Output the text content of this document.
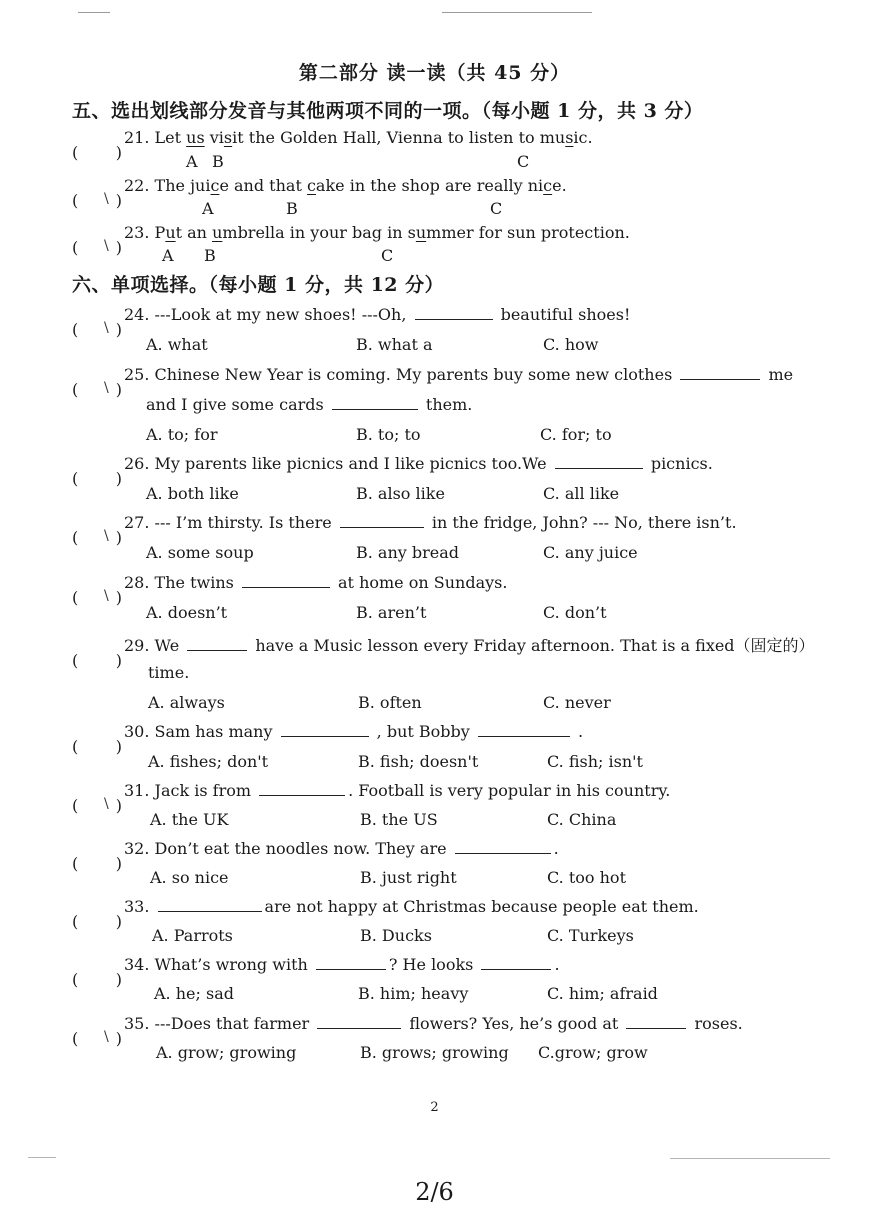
第二部分 读一读（共 45 分）
五、选出划线部分发音与其他两项不同的一项。（每小题 1 分，共 3 分）
( )
21. Let us visit the Golden Hall, Vienna to listen to music.
A B	C
( \ )
22. The juice and that cake in the shop are really nice.
A	B	C
( \ )
23. Put an umbrella in your bag in summer for sun protection.
A B	C
六、单项选择。（每小题 1 分，共 12 分）
( \ )
24. ---Look at my new shoes! ---Oh,	beautiful shoes!
A. what	B. what a	C. how
( \ )
25. Chinese New Year is coming. My parents buy some new clothes	me
and I give some cards	them.
A. to; for	B. to; to	C. for; to
( )
26. My parents like picnics and I like picnics too.We	picnics.
A. both like	B. also like	C. all like
( \ )
27. --- I’m thirsty. Is there	in the fridge, John? --- No, there isn’t.
A. some soup	B. any bread	C. any juice
( \ )
28. The twins	at home on Sundays.
A. doesn’t	B. aren’t	C. don’t
( )
29. We	have a Music lesson every Friday afternoon. That is a fixed（固定的）
time.
A. always	B. often	C. never
( )
30. Sam has many	, but Bobby	.
A. fishes; don't	B. fish; doesn't	C. fish; isn't
( \ )
31. Jack is from	. Football is very popular in his country.
A. the UK	B. the US	C. China
( )
32. Don’t eat the noodles now. They are	.
A. so nice	B. just right	C. too hot
( )
33.	are not happy at Christmas because people eat them.
A. Parrots	B. Ducks	C. Turkeys
( )
34. What’s wrong with	? He looks	.
A. he; sad	B. him; heavy	C. him; afraid
( \ )
35. ---Does that farmer	flowers? Yes, he’s good at	roses.
A. grow; growing	B. grows; growing C.grow; grow
2
2/6
